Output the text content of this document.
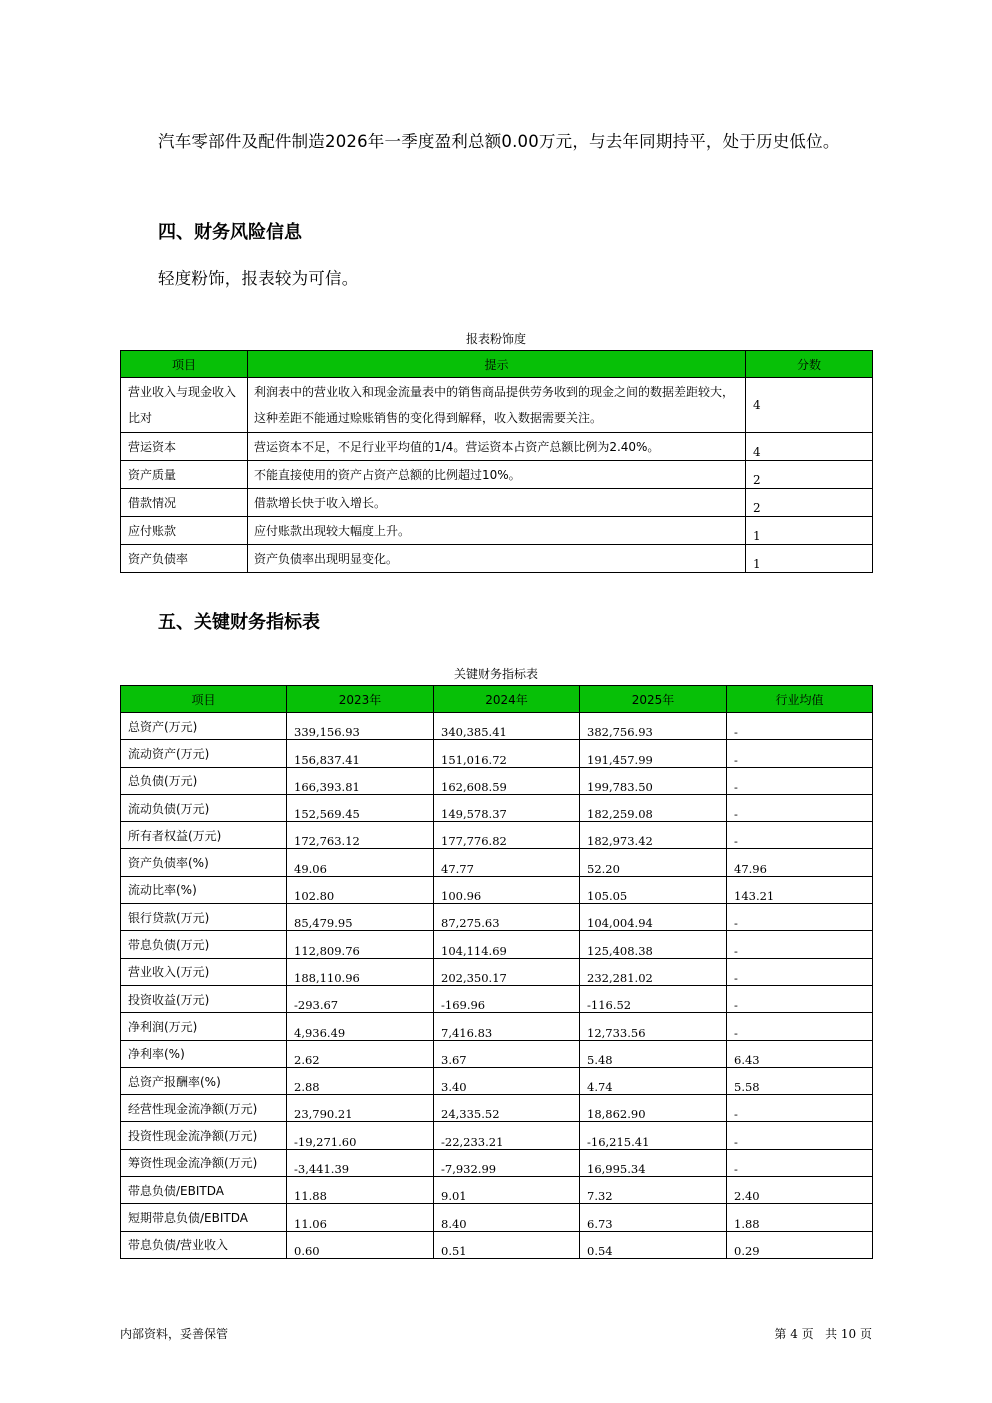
汽车零部件及配件制造2026年一季度盈利总额0.00万元，与去年同期持平，处于历史低位。
四、财务风险信息
轻度粉饰，报表较为可信。
报表粉饰度
项目	提示	分数
营业收入与现金收入比对	利润表中的营业收入和现金流量表中的销售商品提供劳务收到的现金之间的数据差距较大，这种差距不能通过赊账销售的变化得到解释，收入数据需要关注。	4
营运资本	营运资本不足，不足行业平均值的1/4。营运资本占资产总额比例为2.40%。	4
资产质量	不能直接使用的资产占资产总额的比例超过10%。	2
借款情况	借款增长快于收入增长。	2
应付账款	应付账款出现较大幅度上升。	1
资产负债率	资产负债率出现明显变化。	1
五、关键财务指标表
关键财务指标表
项目	2023年	2024年	2025年	行业均值
总资产(万元)	339,156.93	340,385.41	382,756.93	-
流动资产(万元)	156,837.41	151,016.72	191,457.99	-
总负债(万元)	166,393.81	162,608.59	199,783.50	-
流动负债(万元)	152,569.45	149,578.37	182,259.08	-
所有者权益(万元)	172,763.12	177,776.82	182,973.42	-
资产负债率(%)	49.06	47.77	52.20	47.96
流动比率(%)	102.80	100.96	105.05	143.21
银行贷款(万元)	85,479.95	87,275.63	104,004.94	-
带息负债(万元)	112,809.76	104,114.69	125,408.38	-
营业收入(万元)	188,110.96	202,350.17	232,281.02	-
投资收益(万元)	-293.67	-169.96	-116.52	-
净利润(万元)	4,936.49	7,416.83	12,733.56	-
净利率(%)	2.62	3.67	5.48	6.43
总资产报酬率(%)	2.88	3.40	4.74	5.58
经营性现金流净额(万元)	23,790.21	24,335.52	18,862.90	-
投资性现金流净额(万元)	-19,271.60	-22,233.21	-16,215.41	-
筹资性现金流净额(万元)	-3,441.39	-7,932.99	16,995.34	-
带息负债/EBITDA	11.88	9.01	7.32	2.40
短期带息负债/EBITDA	11.06	8.40	6.73	1.88
带息负债/营业收入	0.60	0.51	0.54	0.29
内部资料，妥善保管	第 4 页   共 10 页
